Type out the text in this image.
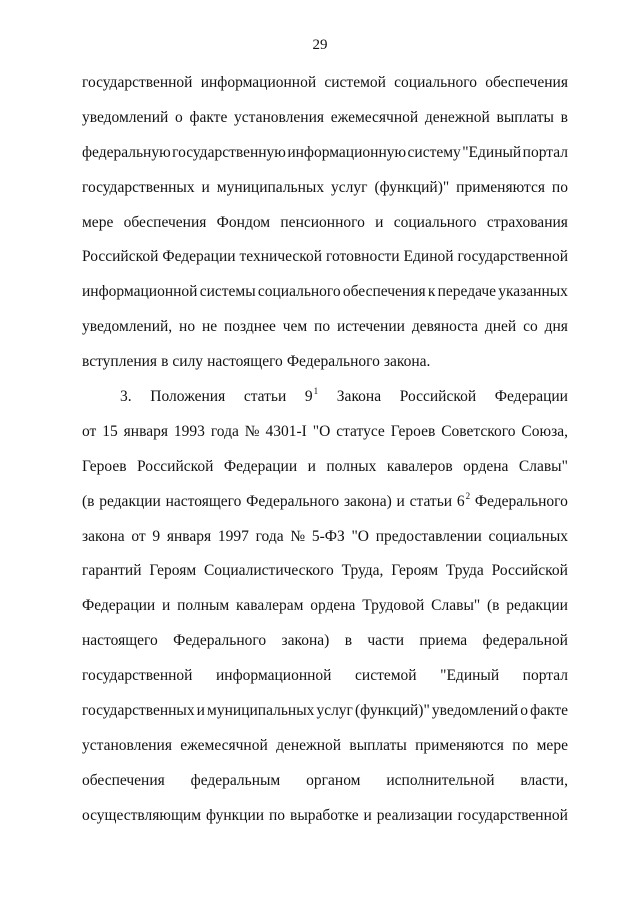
29
государственной информационной системой социального обеспечения
уведомлений о факте установления ежемесячной денежной выплаты в
федеральную государственную информационную систему "Единый портал
государственных и муниципальных услуг (функций)" применяются по
мере обеспечения Фондом пенсионного и социального страхования
Российской Федерации технической готовности Единой государственной
информационной системы социального обеспечения к передаче указанных
уведомлений, но не позднее чем по истечении девяноста дней со дня
вступления в силу настоящего Федерального закона.
3. Положения статьи $9^1$ Закона Российской Федерации
от 15 января 1993 года № 4301-I "О статусе Героев Советского Союза,
Героев Российской Федерации и полных кавалеров ордена Славы"
(в редакции настоящего Федерального закона) и статьи $6^2$ Федерального
закона от 9 января 1997 года № 5-ФЗ "О предоставлении социальных
гарантий Героям Социалистического Труда, Героям Труда Российской
Федерации и полным кавалерам ордена Трудовой Славы" (в редакции
настоящего Федерального закона) в части приема федеральной
государственной информационной системой "Единый портал
государственных и муниципальных услуг (функций)" уведомлений о факте
установления ежемесячной денежной выплаты применяются по мере
обеспечения федеральным органом исполнительной власти,
осуществляющим функции по выработке и реализации государственной
